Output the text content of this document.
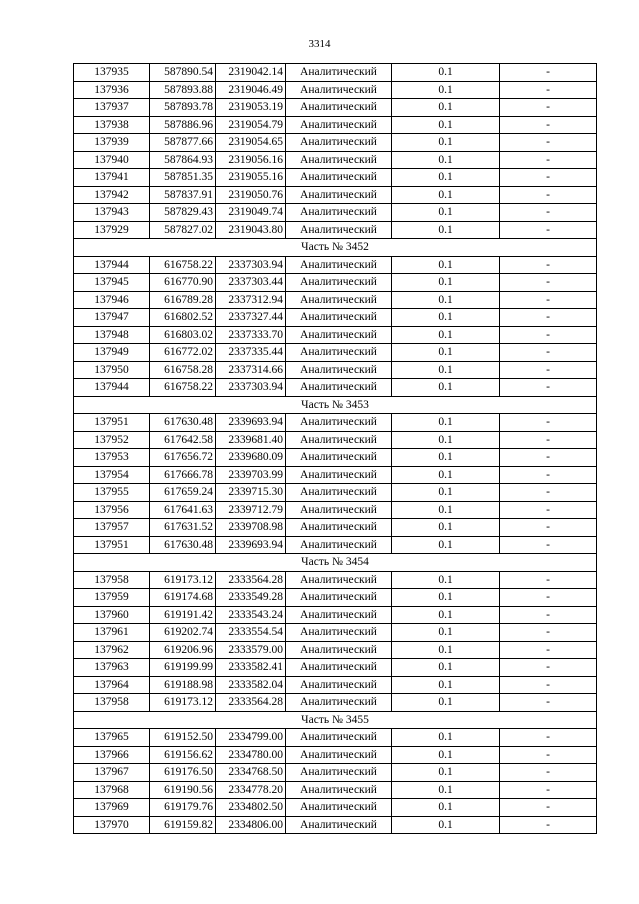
3314
137935	587890.54	2319042.14	Аналитический	0.1	-
137936	587893.88	2319046.49	Аналитический	0.1	-
137937	587893.78	2319053.19	Аналитический	0.1	-
137938	587886.96	2319054.79	Аналитический	0.1	-
137939	587877.66	2319054.65	Аналитический	0.1	-
137940	587864.93	2319056.16	Аналитический	0.1	-
137941	587851.35	2319055.16	Аналитический	0.1	-
137942	587837.91	2319050.76	Аналитический	0.1	-
137943	587829.43	2319049.74	Аналитический	0.1	-
137929	587827.02	2319043.80	Аналитический	0.1	-
Часть № 3452					
137944	616758.22	2337303.94	Аналитический	0.1	-
137945	616770.90	2337303.44	Аналитический	0.1	-
137946	616789.28	2337312.94	Аналитический	0.1	-
137947	616802.52	2337327.44	Аналитический	0.1	-
137948	616803.02	2337333.70	Аналитический	0.1	-
137949	616772.02	2337335.44	Аналитический	0.1	-
137950	616758.28	2337314.66	Аналитический	0.1	-
137944	616758.22	2337303.94	Аналитический	0.1	-
Часть № 3453					
137951	617630.48	2339693.94	Аналитический	0.1	-
137952	617642.58	2339681.40	Аналитический	0.1	-
137953	617656.72	2339680.09	Аналитический	0.1	-
137954	617666.78	2339703.99	Аналитический	0.1	-
137955	617659.24	2339715.30	Аналитический	0.1	-
137956	617641.63	2339712.79	Аналитический	0.1	-
137957	617631.52	2339708.98	Аналитический	0.1	-
137951	617630.48	2339693.94	Аналитический	0.1	-
Часть № 3454					
137958	619173.12	2333564.28	Аналитический	0.1	-
137959	619174.68	2333549.28	Аналитический	0.1	-
137960	619191.42	2333543.24	Аналитический	0.1	-
137961	619202.74	2333554.54	Аналитический	0.1	-
137962	619206.96	2333579.00	Аналитический	0.1	-
137963	619199.99	2333582.41	Аналитический	0.1	-
137964	619188.98	2333582.04	Аналитический	0.1	-
137958	619173.12	2333564.28	Аналитический	0.1	-
Часть № 3455					
137965	619152.50	2334799.00	Аналитический	0.1	-
137966	619156.62	2334780.00	Аналитический	0.1	-
137967	619176.50	2334768.50	Аналитический	0.1	-
137968	619190.56	2334778.20	Аналитический	0.1	-
137969	619179.76	2334802.50	Аналитический	0.1	-
137970	619159.82	2334806.00	Аналитический	0.1	-
